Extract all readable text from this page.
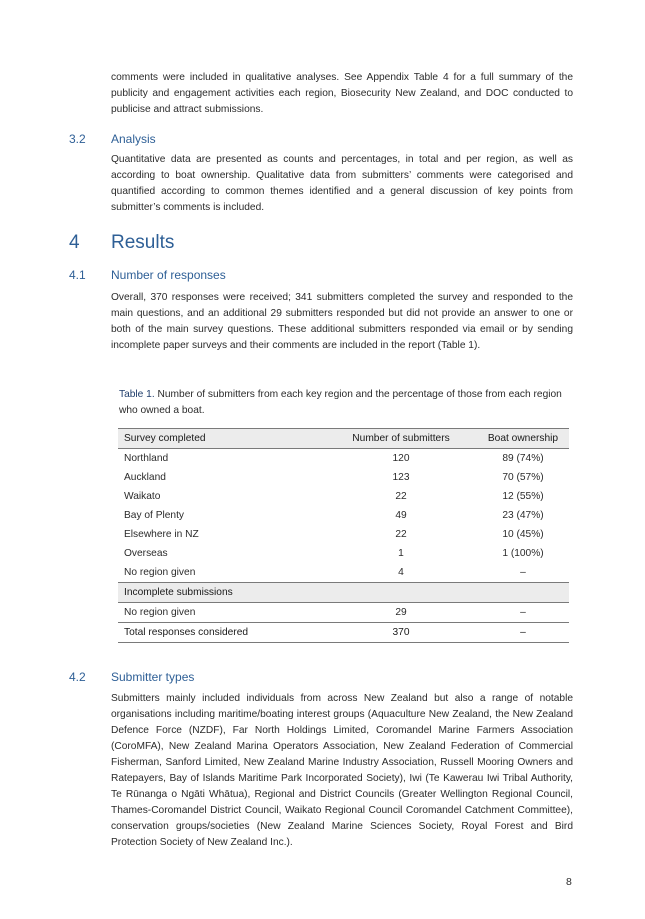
comments were included in qualitative analyses. See Appendix Table 4 for a full summary of the publicity and engagement activities each region, Biosecurity New Zealand, and DOC conducted to publicise and attract submissions.

3.2 Analysis

Quantitative data are presented as counts and percentages, in total and per region, as well as according to boat ownership. Qualitative data from submitters’ comments were categorised and quantified according to common themes identified and a general discussion of key points from submitter’s comments is included.

4 Results
4.1 Number of responses

Overall, 370 responses were received; 341 submitters completed the survey and responded to the main questions, and an additional 29 submitters responded but did not provide an answer to one or both of the main survey questions. These additional submitters responded via email or by sending incomplete paper surveys and their comments are included in the report (Table 1).

Table 1. Number of submitters from each key region and the percentage of those from each region who owned a boat.

Survey completed	Number of submitters	Boat ownership
Northland	120	89 (74%)
Auckland	123	70 (57%)
Waikato	22	12 (55%)
Bay of Plenty	49	23 (47%)
Elsewhere in NZ	22	10 (45%)
Overseas	1	1 (100%)
No region given	4	–
Incomplete submissions		
No region given	29	–
Total responses considered	370	–
4.2 Submitter types

Submitters mainly included individuals from across New Zealand but also a range of notable organisations including maritime/boating interest groups (Aquaculture New Zealand, the New Zealand Defence Force (NZDF), Far North Holdings Limited, Coromandel Marine Farmers Association (CoroMFA), New Zealand Marina Operators Association, New Zealand Federation of Commercial Fisherman, Sanford Limited, New Zealand Marine Industry Association, Russell Mooring Owners and Ratepayers, Bay of Islands Maritime Park Incorporated Society), Iwi (Te Kawerau Iwi Tribal Authority, Te Rūnanga o Ngāti Whātua), Regional and District Councils (Greater Wellington Regional Council, Thames-Coromandel District Council, Waikato Regional Council Coromandel Catchment Committee), conservation groups/societies (New Zealand Marine Sciences Society, Royal Forest and Bird Protection Society of New Zealand Inc.).

8
